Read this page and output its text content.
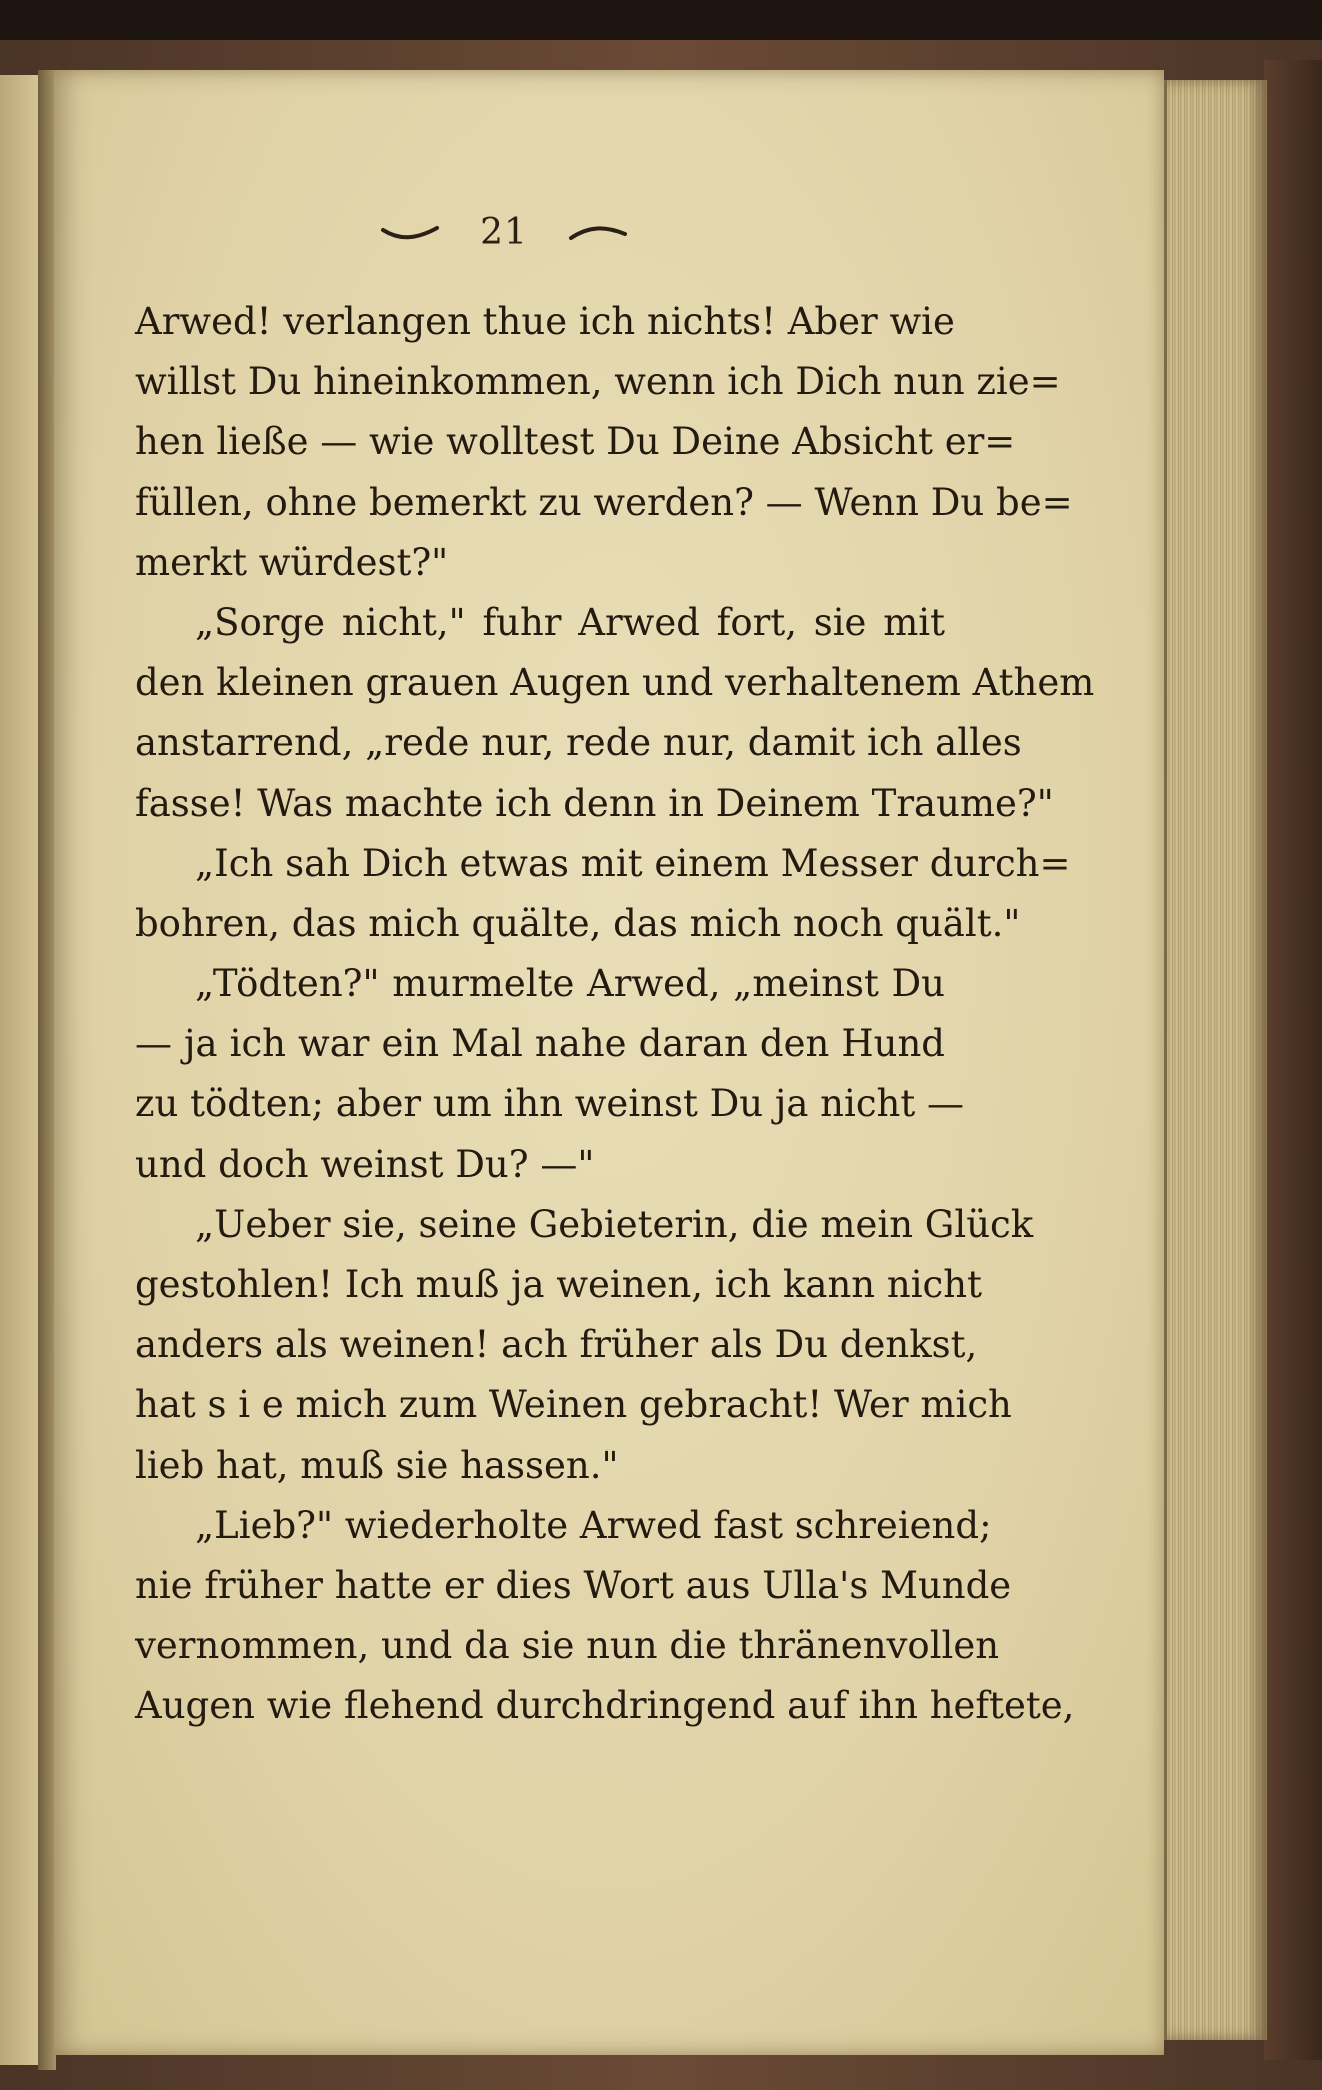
21
Arwed! verlangen thue ich nichts! Aber wie
willst Du hineinkommen, wenn ich Dich nun zie=
hen ließe — wie wolltest Du Deine Absicht er=
füllen, ohne bemerkt zu werden? — Wenn Du be=
merkt würdest?"
„Sorge nicht," fuhr Arwed fort, sie mit
den kleinen grauen Augen und verhaltenem Athem
anstarrend, „rede nur, rede nur, damit ich alles
fasse! Was machte ich denn in Deinem Traume?"
„Ich sah Dich etwas mit einem Messer durch=
bohren, das mich quälte, das mich noch quält."
„Tödten?" murmelte Arwed, „meinst Du
— ja ich war ein Mal nahe daran den Hund
zu tödten; aber um ihn weinst Du ja nicht —
und doch weinst Du? —"
„Ueber sie, seine Gebieterin, die mein Glück
gestohlen! Ich muß ja weinen, ich kann nicht
anders als weinen! ach früher als Du denkst,
hat s i e mich zum Weinen gebracht! Wer mich
lieb hat, muß sie hassen."
„Lieb?" wiederholte Arwed fast schreiend;
nie früher hatte er dies Wort aus Ulla's Munde
vernommen, und da sie nun die thränenvollen
Augen wie flehend durchdringend auf ihn heftete,
